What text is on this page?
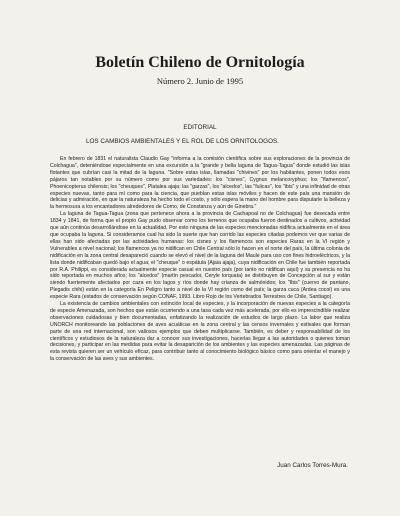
Boletín Chileno de Ornitología

Número 2. Junio de 1995

EDITORIAL

LOS CAMBIOS AMBIENTALES Y EL ROL DE LOS ORNITOLOGOS.

En febrero de 1831 el naturalista Claudio Gay "informa a la comisión científica sobre sus exploraciones de la provincia de Colchagua", deteniéndose especialmente en una excursión a la "grande y bella laguna de Tagua-Tagua" donde estudió las islas flotantes que cubrían casi la mitad de la laguna. "Sobre estas islas, llamadas "chivines" por los habitantes, ponen todos esos pájaros tan notables por su número como por sus variedades: los "cisnes", Cygnus melancoryphus; los "flamencos", Phoenicopterus chilensis; los "cheuques", Platalea ajaja; las "garzas", los "alcedos", las "fulicas", los "ibis" y una infinidad de otras especies nuevas, tanto para mí como para la ciencia, que pueblan estas islas móviles y hacen de este país una mansión de delicias y admiración, en que la naturaleza ha hecho todo el costo, y sólo espera la mano del hombre para disputarle la belleza y la hermosura a los encantadores alrededores de Como, de Constanza y aún de Ginebra."

La laguna de Tagua-Tagua (zona que pertenece ahora a la provincia de Cachapoal no de Colchagua) fue desecada entre 1834 y 1841, de forma que el propio Gay pudo observar como los terrenos que ocupaba fueron destinados a cultivos, actividad que aún continúa desarrollándose en la actualidad. Por esto ninguna de las especies mencionadas nidifica actualmente en el área que ocupaba la laguna. Si consideramos cual ha sido la suerte que han corrido las especies citadas podemos ver que varias de ellas han sido afectadas por las actividades humanas: los cisnes y los flamencos son especies Raras en la VI región y Vulnerables a nivel nacional; los flamencos ya no nidifican en Chile Central sólo lo hacen en el norte del país, la última colonia de nidificación en la zona central desapareció cuando se elevó el nivel de la laguna del Maule para uso con fines hidroeléctricos, y la lista donde nidificaban quedó bajo el agua; el "cheuque" o espátula (Ajaia ajaja), cuya nidificación en Chile fue también reportada por R.A. Philippi, es considerada actualmente especie casual en nuestro país (por tanto no nidifican aquí) y su presencia no ha sido reportada en muchos años; los "alcedos" (martín pescador, Ceryle torquata) se distribuyen de Concepción al sur y están siendo fuertemente afectados por caza en los lagos y ríos donde hay crianza de salmónidos; los "Ibis" (cuervo de pantano, Plegadis chihi) están en la categoría En Peligro tanto a nivel de la VI región como del país; la garza cuca (Ardea cocoi) es una especie Rara (estados de conservación según CONAF, 1993. Libro Rojo de los Vertebrados Terrestres de Chile, Santiago).

La existencia de cambios ambientales con extinción local de especies, y la incorporación de nuevas especies a la categoría de especie Amenazada, son hechos que están ocurriendo a una tasa cada vez más acelerada, por ello es imprescindible realizar observaciones cuidadosas y bien documentadas, enfatizando la realización de estudios de largo plazo. La labor que realiza UNORCH monitoreando las poblaciones de aves acuáticas en la zona central y las censos invernales y estivales que forman parte de una red internacional, son valiosos ejemplos que deben multiplicarse. También, es deber y responsabilidad de los científicos y estudiosos de la naturaleza dar a conocer sus investigaciones, hacerlas llegar a las autoridades o quienes toman decisiones, y participar en las medidas para evitar la desaparición de los ambientes y las especies amenazadas. Las páginas de esta revista quieren ser un vehículo eficaz, para contribuir tanto al conocimiento biológico básico como para orientar el manejo y la conservación de las aves y sus ambientes.

Juan Carlos Torres-Mura.
